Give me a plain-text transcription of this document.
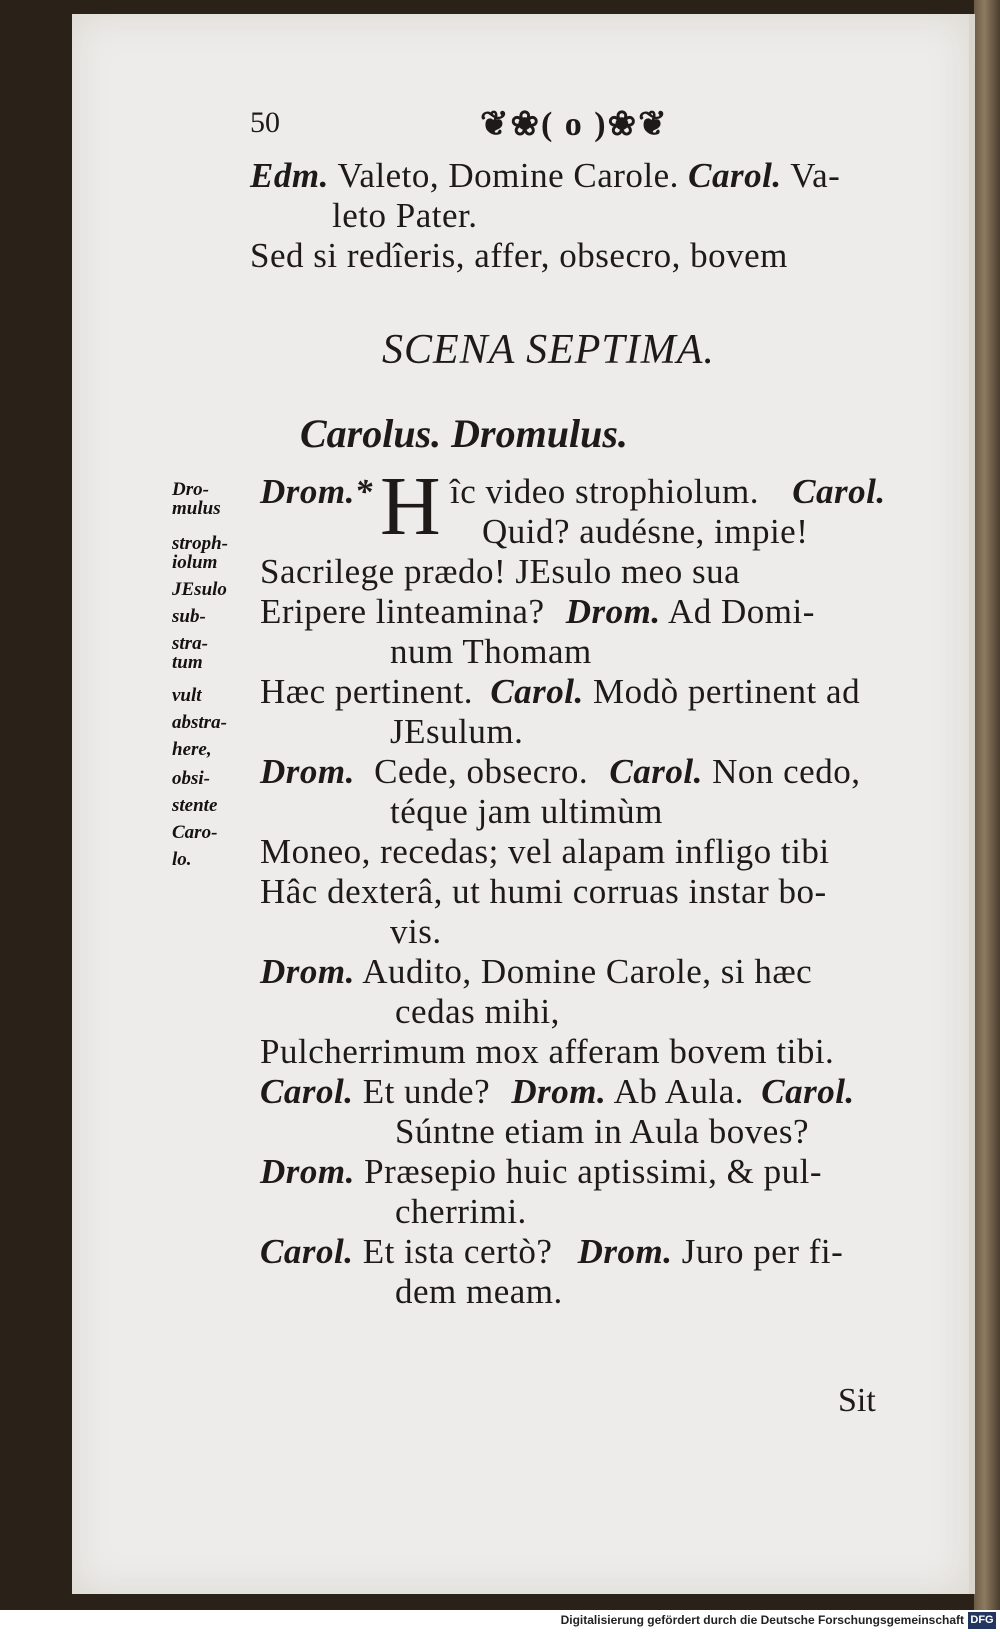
50	❦❀( o )❀❦
Edm. Valeto, Domine Carole. Carol. Va-
leto Pater.
Sed si redîeris, affer, obsecro, bovem
SCENA SEPTIMA.
Carolus. Dromulus.
Dro-
mulus
stroph-
iolum
JEsulo
sub-
stra-
tum
vult
abstra-
here,
obsi-
stente
Caro-
lo.
Drom.* H îc video strophiolum. Carol.
Quid? audésne, impie!
Sacrilege prædo! JEsulo meo sua
Eripere linteamina? Drom. Ad Domi-
num Thomam
Hæc pertinent. Carol. Modò pertinent ad
JEsulum.
Drom. Cede, obsecro. Carol. Non cedo,
téque jam ultimùm
Moneo, recedas; vel alapam infligo tibi
Hâc dexterâ, ut humi corruas instar bo-
vis.
Drom. Audito, Domine Carole, si hæc
cedas mihi,
Pulcherrimum mox afferam bovem tibi.
Carol. Et unde? Drom. Ab Aula. Carol.
Súntne etiam in Aula boves?
Drom. Præsepio huic aptissimi, & pul-
cherrimi.
Carol. Et ista certò? Drom. Juro per fi-
dem meam.
Sit
Digitalisierung gefördert durch die Deutsche Forschungsgemeinschaft DFG
